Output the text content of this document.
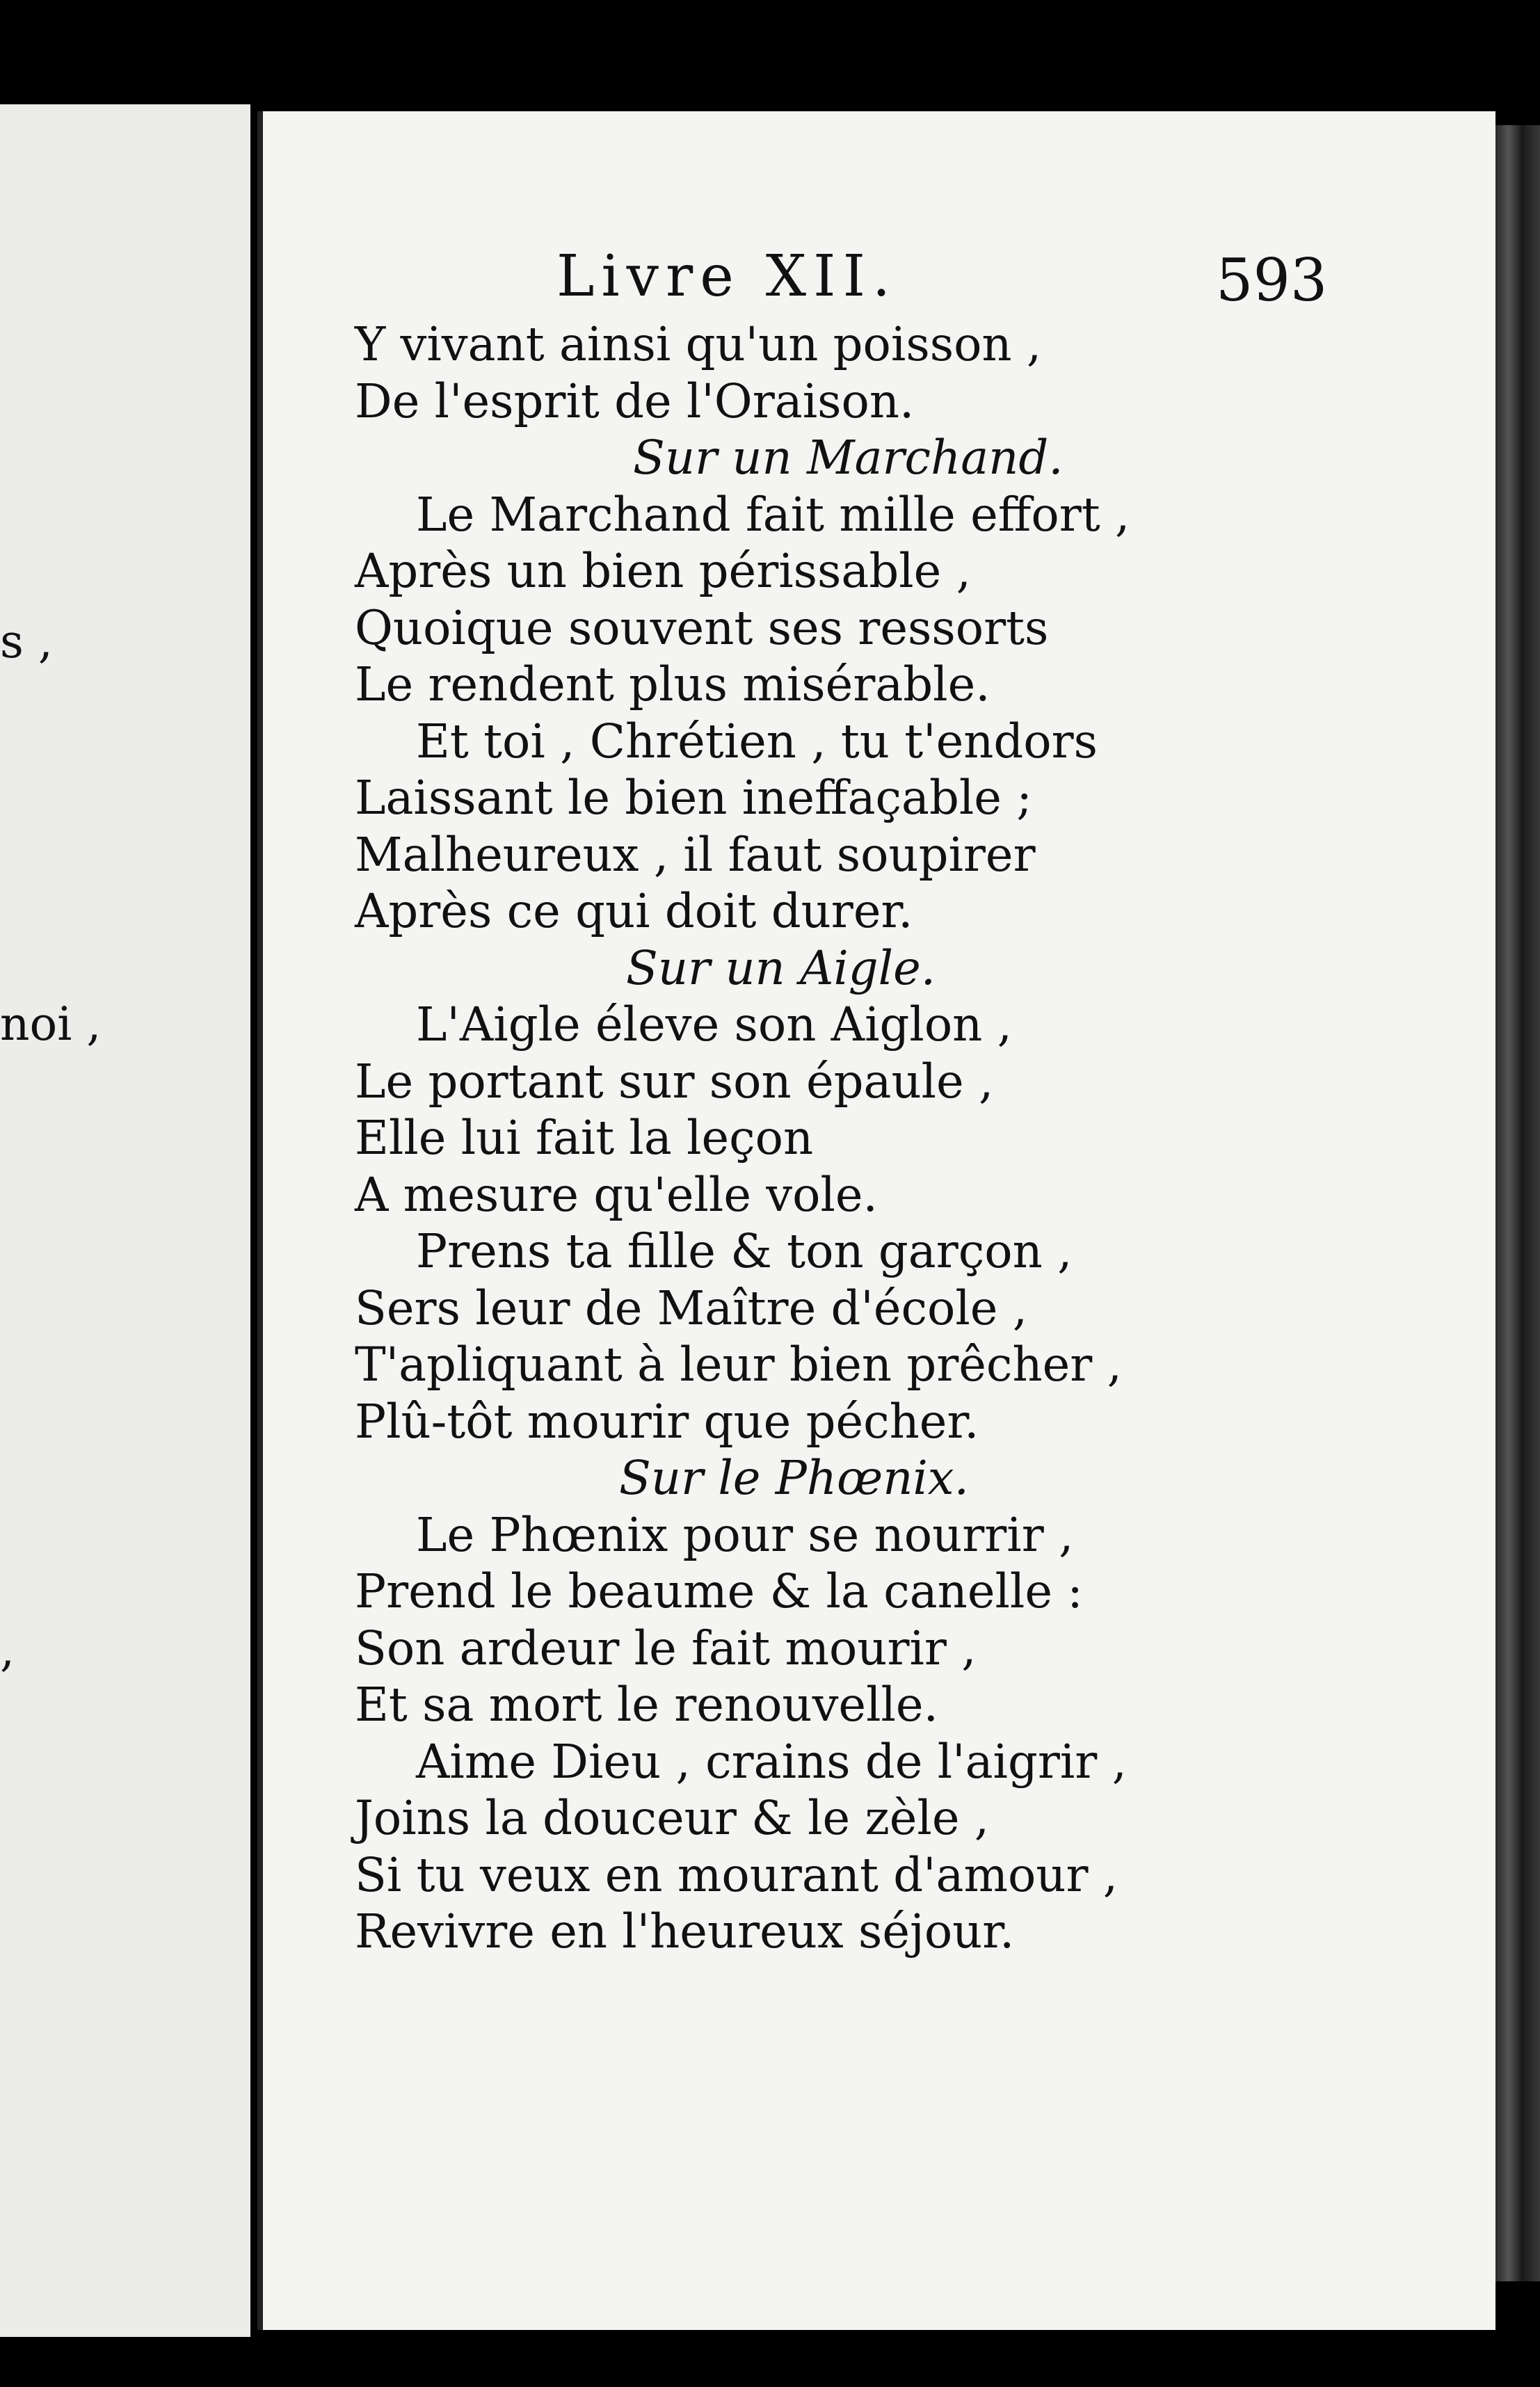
s ,
noi ,
,
Livre XII.	593
Y vivant ainsi qu'un poisson ,
De l'esprit de l'Oraison.
Sur un Marchand.
Le Marchand fait mille effort ,
Après un bien périssable ,
Quoique souvent ses ressorts
Le rendent plus misérable.
Et toi , Chrétien , tu t'endors
Laissant le bien ineffaçable ;
Malheureux , il faut soupirer
Après ce qui doit durer.
Sur un Aigle.
L'Aigle éleve son Aiglon ,
Le portant sur son épaule ,
Elle lui fait la leçon
A mesure qu'elle vole.
Prens ta fille & ton garçon ,
Sers leur de Maître d'école ,
T'apliquant à leur bien prêcher ,
Plû-tôt mourir que pécher.
Sur le Phœnix.
Le Phœnix pour se nourrir ,
Prend le beaume & la canelle :
Son ardeur le fait mourir ,
Et sa mort le renouvelle.
Aime Dieu , crains de l'aigrir ,
Joins la douceur & le zèle ,
Si tu veux en mourant d'amour ,
Revivre en l'heureux séjour.
